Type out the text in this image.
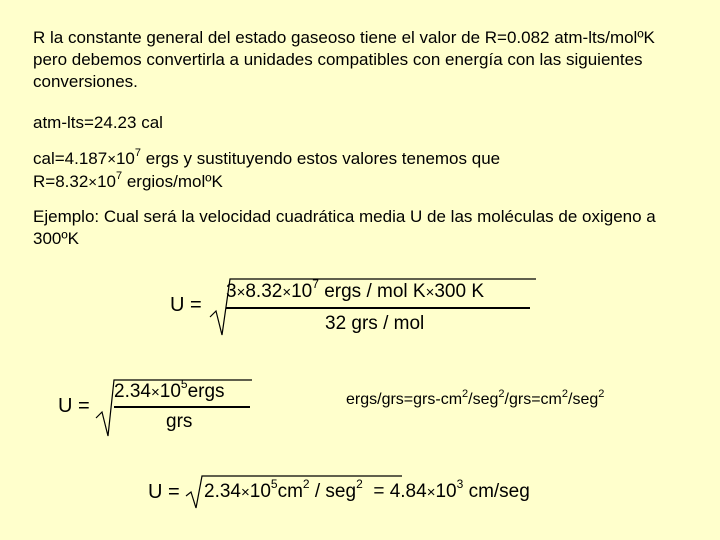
R la constante general del estado gaseoso tiene el valor de R=0.082 atm-lts/molºK pero debemos convertirla a unidades compatibles con energía con las siguientes conversiones.
atm-lts=24.23 cal
$cal=4.187\times 10^7$ ergs y sustituyendo estos valores tenemos que
$R=8.32\times 10^7$ ergios/molºK
Ejemplo: Cual será la velocidad cuadrática media U de las moléculas de oxigeno a 300ºK
U =
$3\times 8.32\times 10^7$ ergs / mol K×300 K
32 grs / mol
U =
$2.34\times 10^5ergs$
grs
ergs/$grs=grs-cm^2/seg^2/grs=cm^2/seg^2$
$U = 2.34\times 10^5cm^2 / seg^2 = 4.84\times 10^3$ cm/seg
